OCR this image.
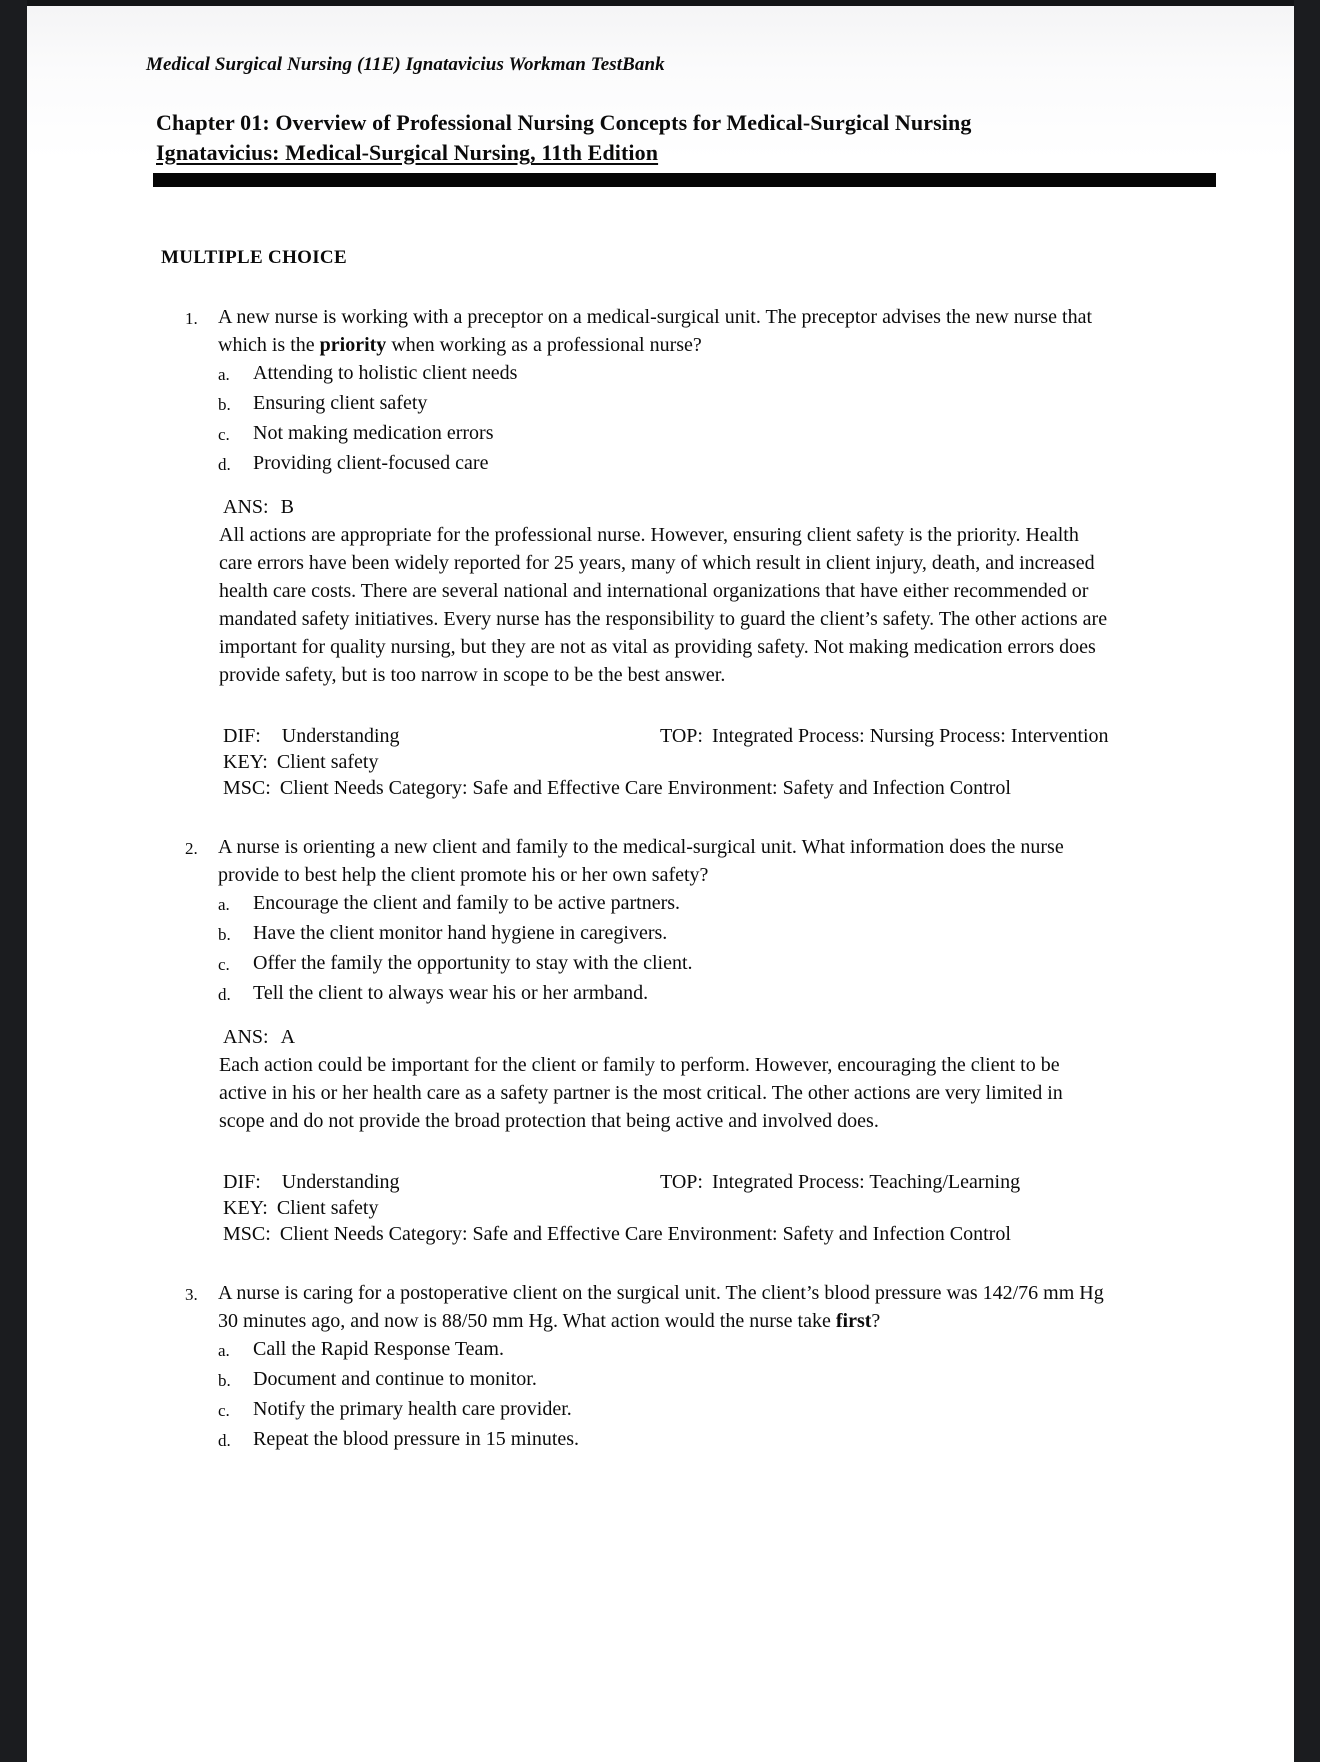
Medical Surgical Nursing (11E) Ignatavicius Workman TestBank
Chapter 01: Overview of Professional Nursing Concepts for Medical-Surgical Nursing
Ignatavicius: Medical-Surgical Nursing, 11th Edition
MULTIPLE CHOICE
1.	A new nurse is working with a preceptor on a medical-surgical unit. The preceptor advises the new nurse that which is the priority when working as a professional nurse?
a.	Attending to holistic client needs
b.	Ensuring client safety
c.	Not making medication errors
d.	Providing client-focused care
ANS: B
All actions are appropriate for the professional nurse. However, ensuring client safety is the priority. Health care errors have been widely reported for 25 years, many of which result in client injury, death, and increased health care costs. There are several national and international organizations that have either recommended or mandated safety initiatives. Every nurse has the responsibility to guard the client’s safety. The other actions are important for quality nursing, but they are not as vital as providing safety. Not making medication errors does provide safety, but is too narrow in scope to be the best answer.
DIF: Understanding	TOP: Integrated Process: Nursing Process: Intervention
KEY: Client safety
MSC: Client Needs Category: Safe and Effective Care Environment: Safety and Infection Control
2.	A nurse is orienting a new client and family to the medical-surgical unit. What information does the nurse provide to best help the client promote his or her own safety?
a.	Encourage the client and family to be active partners.
b.	Have the client monitor hand hygiene in caregivers.
c.	Offer the family the opportunity to stay with the client.
d.	Tell the client to always wear his or her armband.
ANS: A
Each action could be important for the client or family to perform. However, encouraging the client to be active in his or her health care as a safety partner is the most critical. The other actions are very limited in scope and do not provide the broad protection that being active and involved does.
DIF: Understanding	TOP: Integrated Process: Teaching/Learning
KEY: Client safety
MSC: Client Needs Category: Safe and Effective Care Environment: Safety and Infection Control
3.	A nurse is caring for a postoperative client on the surgical unit. The client’s blood pressure was 142/76 mm Hg 30 minutes ago, and now is 88/50 mm Hg. What action would the nurse take first?
a.	Call the Rapid Response Team.
b.	Document and continue to monitor.
c.	Notify the primary health care provider.
d.	Repeat the blood pressure in 15 minutes.
